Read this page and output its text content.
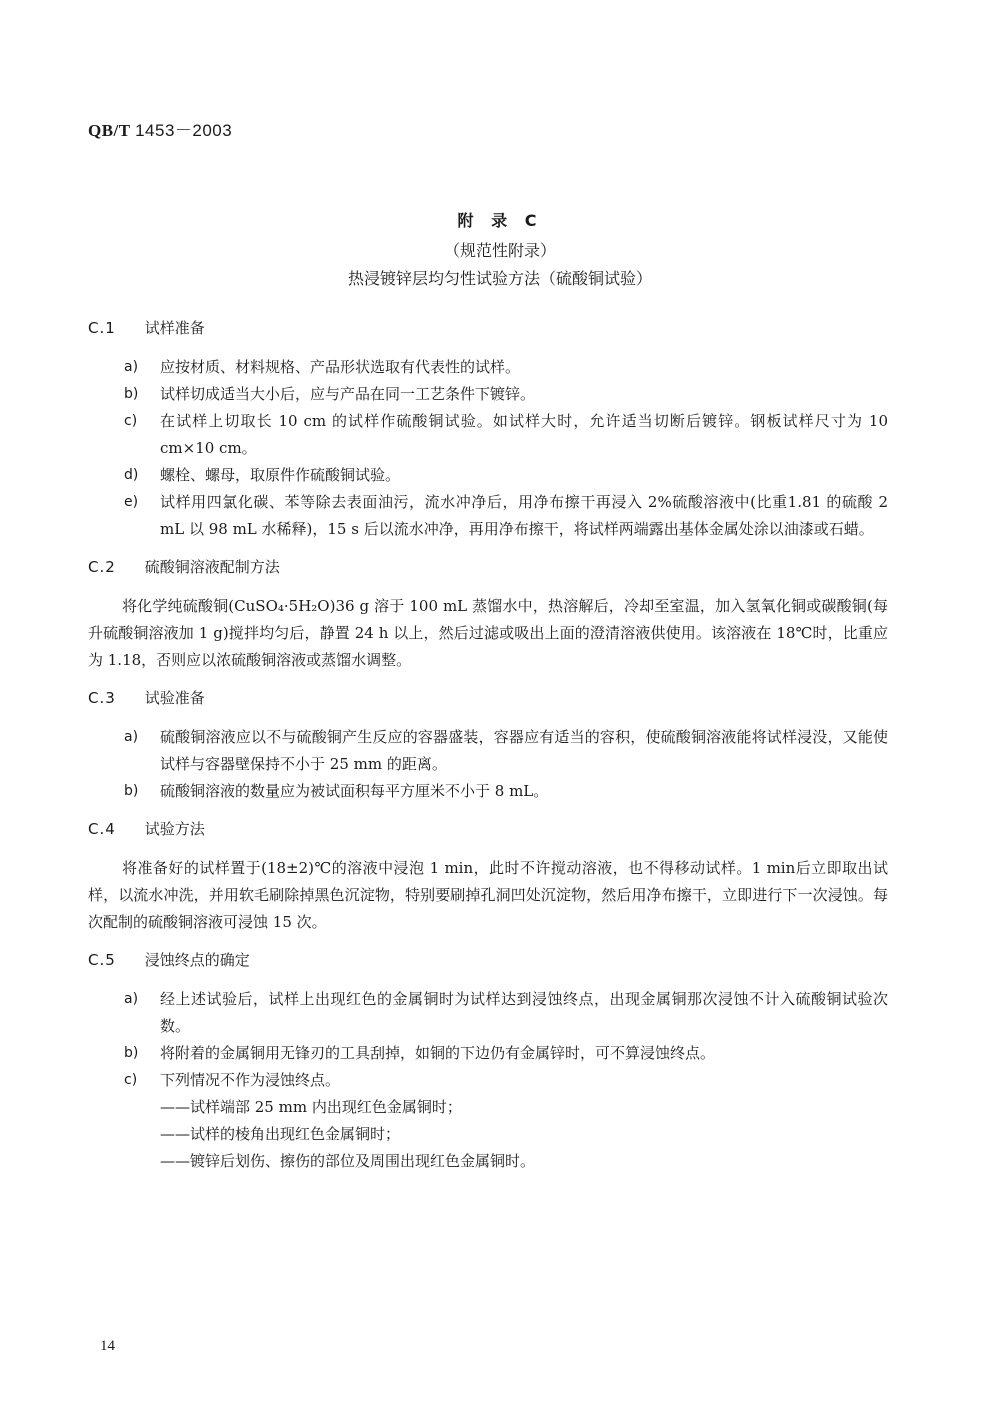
QB/T 1453－2003
附 录 C
（规范性附录）
热浸镀锌层均匀性试验方法（硫酸铜试验）
C.1 试样准备
a) 应按材质、材料规格、产品形状选取有代表性的试样。
b) 试样切成适当大小后，应与产品在同一工艺条件下镀锌。
c) 在试样上切取长 10 cm 的试样作硫酸铜试验。如试样大时，允许适当切断后镀锌。钢板试样尺寸为 10 cm×10 cm。
d) 螺栓、螺母，取原件作硫酸铜试验。
e) 试样用四氯化碳、苯等除去表面油污，流水冲净后，用净布擦干再浸入 2%硫酸溶液中(比重1.81 的硫酸 2 mL 以 98 mL 水稀释)，15 s 后以流水冲净，再用净布擦干，将试样两端露出基体金属处涂以油漆或石蜡。
C.2 硫酸铜溶液配制方法

将化学纯硫酸铜(CuSO₄·5H₂O)36 g 溶于 100 mL 蒸馏水中，热溶解后，冷却至室温，加入氢氧化铜或碳酸铜(每升硫酸铜溶液加 1 g)搅拌均匀后，静置 24 h 以上，然后过滤或吸出上面的澄清溶液供使用。该溶液在 18℃时，比重应为 1.18，否则应以浓硫酸铜溶液或蒸馏水调整。

C.3 试验准备
a) 硫酸铜溶液应以不与硫酸铜产生反应的容器盛装，容器应有适当的容积，使硫酸铜溶液能将试样浸没，又能使试样与容器壁保持不小于 25 mm 的距离。
b) 硫酸铜溶液的数量应为被试面积每平方厘米不小于 8 mL。
C.4 试验方法

将准备好的试样置于(18±2)℃的溶液中浸泡 1 min，此时不许搅动溶液，也不得移动试样。1 min后立即取出试样，以流水冲洗，并用软毛刷除掉黑色沉淀物，特别要刷掉孔洞凹处沉淀物，然后用净布擦干，立即进行下一次浸蚀。每次配制的硫酸铜溶液可浸蚀 15 次。

C.5 浸蚀终点的确定
a) 经上述试验后，试样上出现红色的金属铜时为试样达到浸蚀终点，出现金属铜那次浸蚀不计入硫酸铜试验次数。
b) 将附着的金属铜用无锋刃的工具刮掉，如铜的下边仍有金属锌时，可不算浸蚀终点。
c) 下列情况不作为浸蚀终点。
——试样端部 25 mm 内出现红色金属铜时；
——试样的棱角出现红色金属铜时；
——镀锌后划伤、擦伤的部位及周围出现红色金属铜时。
14
